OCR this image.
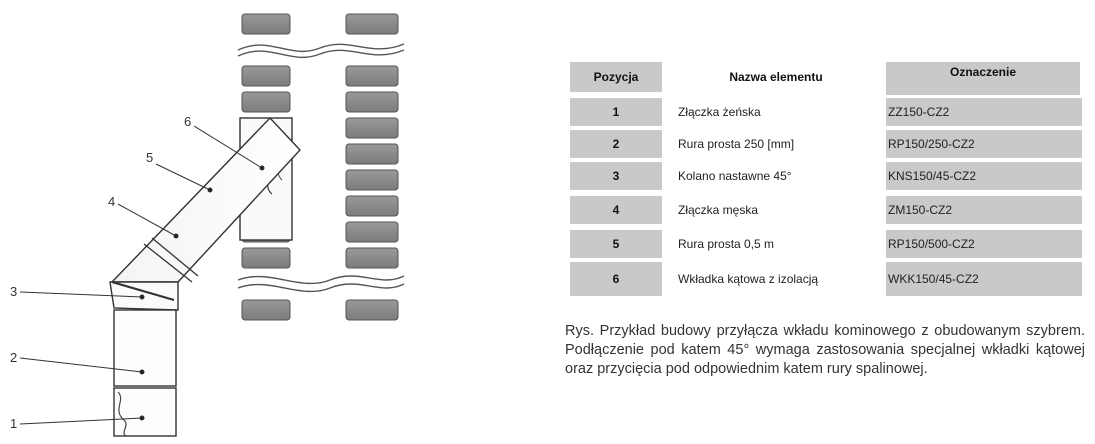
1
2
3
4
5
6
Pozycja	Nazwa elementu	Oznaczenie
1	Złączka żeńska	ZZ150-CZ2
2	Rura prosta 250 [mm]	RP150/250-CZ2
3	Kolano nastawne 45°	KNS150/45-CZ2
4	Złączka męska	ZM150-CZ2
5	Rura prosta 0,5 m	RP150/500-CZ2
6	Wkładka kątowa z izolacją	WKK150/45-CZ2
Rys. Przykład budowy przyłącza wkładu kominowego z obudowanym szybrem. Podłączenie pod katem 45° wymaga zastosowania specjalnej wkładki kątowej oraz przycięcia pod odpowiednim katem rury spalinowej.
